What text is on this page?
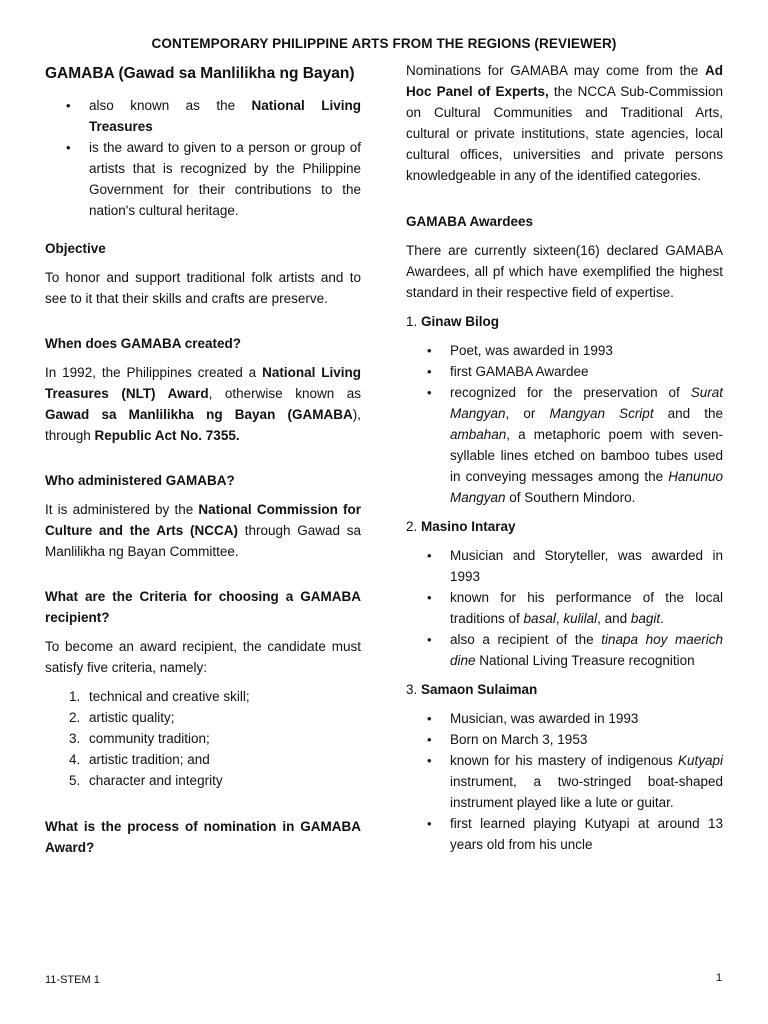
CONTEMPORARY PHILIPPINE ARTS FROM THE REGIONS (REVIEWER)
GAMABA (Gawad sa Manlilikha ng Bayan)
• also known as the National Living Treasures
• is the award to given to a person or group of artists that is recognized by the Philippine Government for their contributions to the nation's cultural heritage.
Objective

To honor and support traditional folk artists and to see to it that their skills and crafts are preserve.

When does GAMABA created?

In 1992, the Philippines created a National Living Treasures (NLT) Award, otherwise known as Gawad sa Manlilikha ng Bayan (GAMABA), through Republic Act No. 7355.

Who administered GAMABA?

It is administered by the National Commission for Culture and the Arts (NCCA) through Gawad sa Manlilikha ng Bayan Committee.

What are the Criteria for choosing a GAMABA recipient?

To become an award recipient, the candidate must satisfy five criteria, namely:

1. technical and creative skill;
2. artistic quality;
3. community tradition;
4. artistic tradition; and
5. character and integrity
What is the process of nomination in GAMABA Award?

Nominations for GAMABA may come from the Ad Hoc Panel of Experts, the NCCA Sub-Commission on Cultural Communities and Traditional Arts, cultural or private institutions, state agencies, local cultural offices, universities and private persons knowledgeable in any of the identified categories.

GAMABA Awardees

There are currently sixteen(16) declared GAMABA Awardees, all pf which have exemplified the highest standard in their respective field of expertise.

1. Ginaw Bilog
• Poet, was awarded in 1993
• first GAMABA Awardee
• recognized for the preservation of Surat Mangyan, or Mangyan Script and the ambahan, a metaphoric poem with seven-syllable lines etched on bamboo tubes used in conveying messages among the Hanunuo Mangyan of Southern Mindoro.
2. Masino Intaray
• Musician and Storyteller, was awarded in 1993
• known for his performance of the local traditions of basal, kulilal, and bagit.
• also a recipient of the tinapa hoy maerich dine National Living Treasure recognition
3. Samaon Sulaiman
• Musician, was awarded in 1993
• Born on March 3, 1953
• known for his mastery of indigenous Kutyapi instrument, a two-stringed boat-shaped instrument played like a lute or guitar.
• first learned playing Kutyapi at around 13 years old from his uncle
11-STEM 1	1
